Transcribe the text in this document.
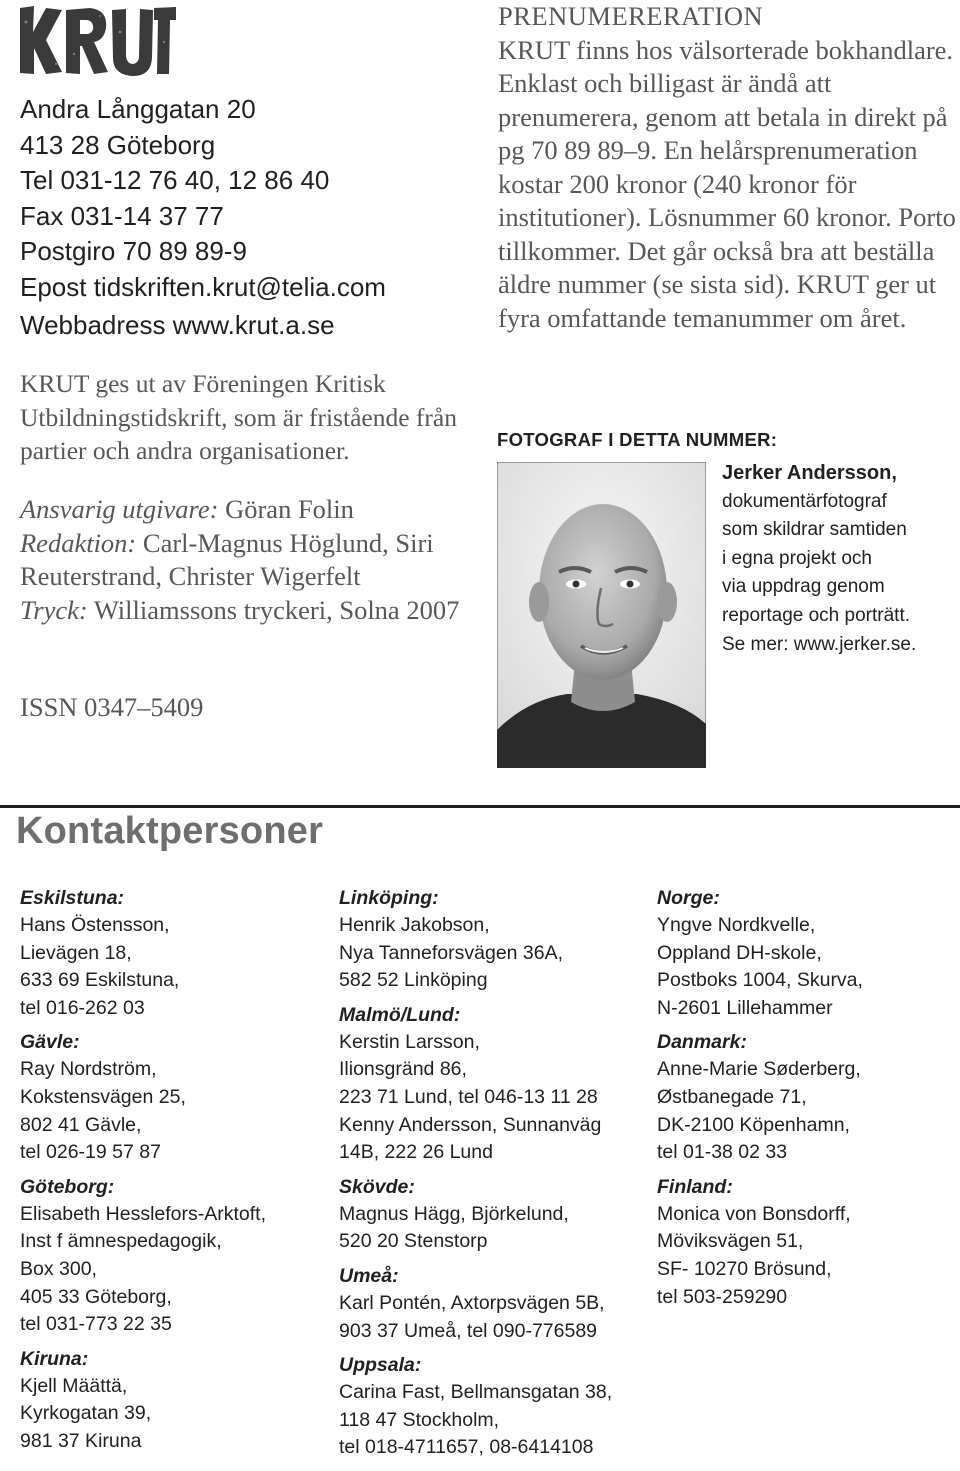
Andra Långgatan 20
413 28 Göteborg
Tel 031-12 76 40, 12 86 40
Fax 031-14 37 77
Postgiro 70 89 89-9
Epost tidskriften.krut@telia.com
Webbadress www.krut.a.se

KRUT ges ut av Föreningen Kritisk Utbildningstidskrift, som är fristående från partier och andra organisationer.

Ansvarig utgivare: Göran Folin
Redaktion: Carl-Magnus Höglund, Siri Reuterstrand, Christer Wigerfelt
Tryck: Williamssons tryckeri, Solna 2007
ISSN 0347–5409
PRENUMERERATION
KRUT finns hos välsorterade bokhandlare. Enklast och billigast är ändå att prenumerera, genom att betala in direkt på pg 70 89 89–9. En helårsprenumeration kostar 200 kronor (240 kronor för institutioner). Lösnummer 60 kronor. Porto tillkommer. Det går också bra att beställa äldre nummer (se sista sid). KRUT ger ut fyra omfattande temanummer om året.
FOTOGRAF I DETTA NUMMER:
Jerker Andersson,
dokumentärfotograf
som skildrar samtiden
i egna projekt och
via uppdrag genom
reportage och porträtt.
Se mer: www.jerker.se.
Kontaktpersoner
Eskilstuna:
Hans Östensson,
Lievägen 18,
633 69 Eskilstuna,
tel 016-262 03
Gävle:
Ray Nordström,
Kokstensvägen 25,
802 41 Gävle,
tel 026-19 57 87
Göteborg:
Elisabeth Hesslefors-Arktoft,
Inst f ämnespedagogik,
Box 300,
405 33 Göteborg,
tel 031-773 22 35
Kiruna:
Kjell Määttä,
Kyrkogatan 39,
981 37 Kiruna
Linköping:
Henrik Jakobson,
Nya Tanneforsvägen 36A,
582 52 Linköping
Malmö/Lund:
Kerstin Larsson,
Ilionsgränd 86,
223 71 Lund, tel 046-13 11 28
Kenny Andersson, Sunnanväg
14B, 222 26 Lund
Skövde:
Magnus Hägg, Björkelund,
520 20 Stenstorp
Umeå:
Karl Pontén, Axtorpsvägen 5B,
903 37 Umeå, tel 090-776589
Uppsala:
Carina Fast, Bellmansgatan 38,
118 47 Stockholm,
tel 018-4711657, 08-6414108
Norge:
Yngve Nordkvelle,
Oppland DH-skole,
Postboks 1004, Skurva,
N-2601 Lillehammer
Danmark:
Anne-Marie Søderberg,
Østbanegade 71,
DK-2100 Köpenhamn,
tel 01-38 02 33
Finland:
Monica von Bonsdorff,
Möviksvägen 51,
SF- 10270 Brösund,
tel 503-259290
